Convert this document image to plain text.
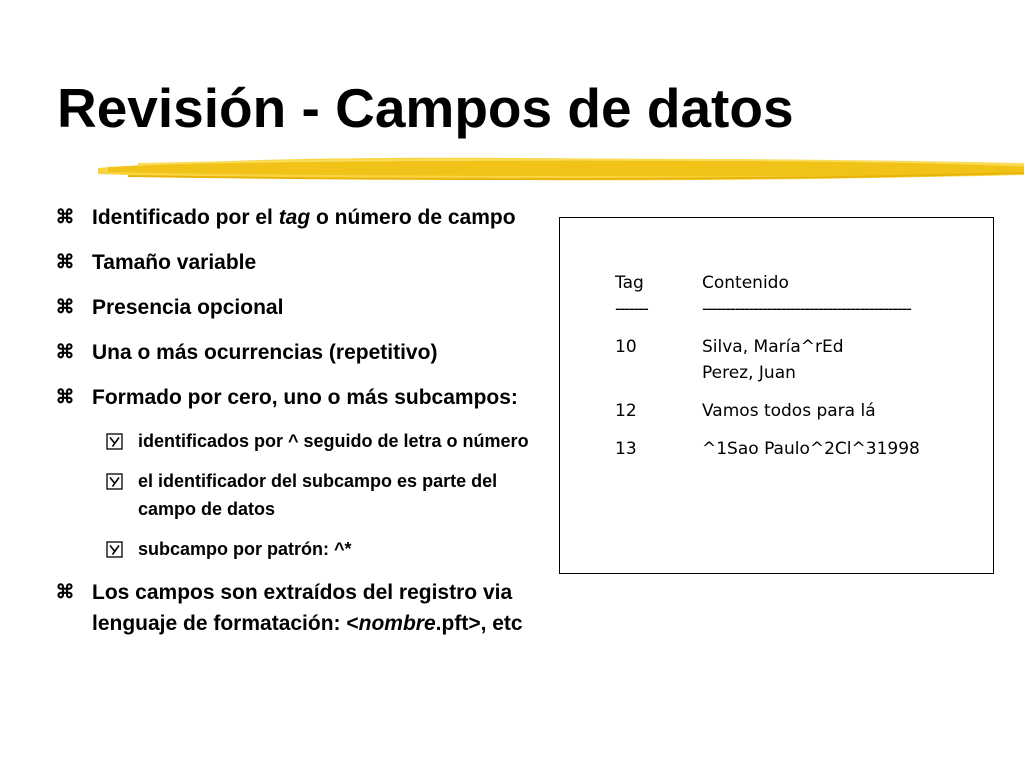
Revisión - Campos de datos
⌘ Identificado por el tag o número de campo
⌘ Tamaño variable
⌘ Presencia opcional
⌘ Una o más ocurrencias (repetitivo)
⌘ Formado por cero, uno o más subcampos:
identificados por ^ seguido de letra o número
el identificador del subcampo es parte del campo de datos
subcampo por patrón: ^*
⌘ Los campos son extraídos del registro via lenguaje de formatación: <nombre.pft>, etc
Tag	Contenido
-------	---------------------------------------------
10	Silva, María^rEd
Perez, Juan
12	Vamos todos para lá
13	^1Sao Paulo^2Cl^31998
